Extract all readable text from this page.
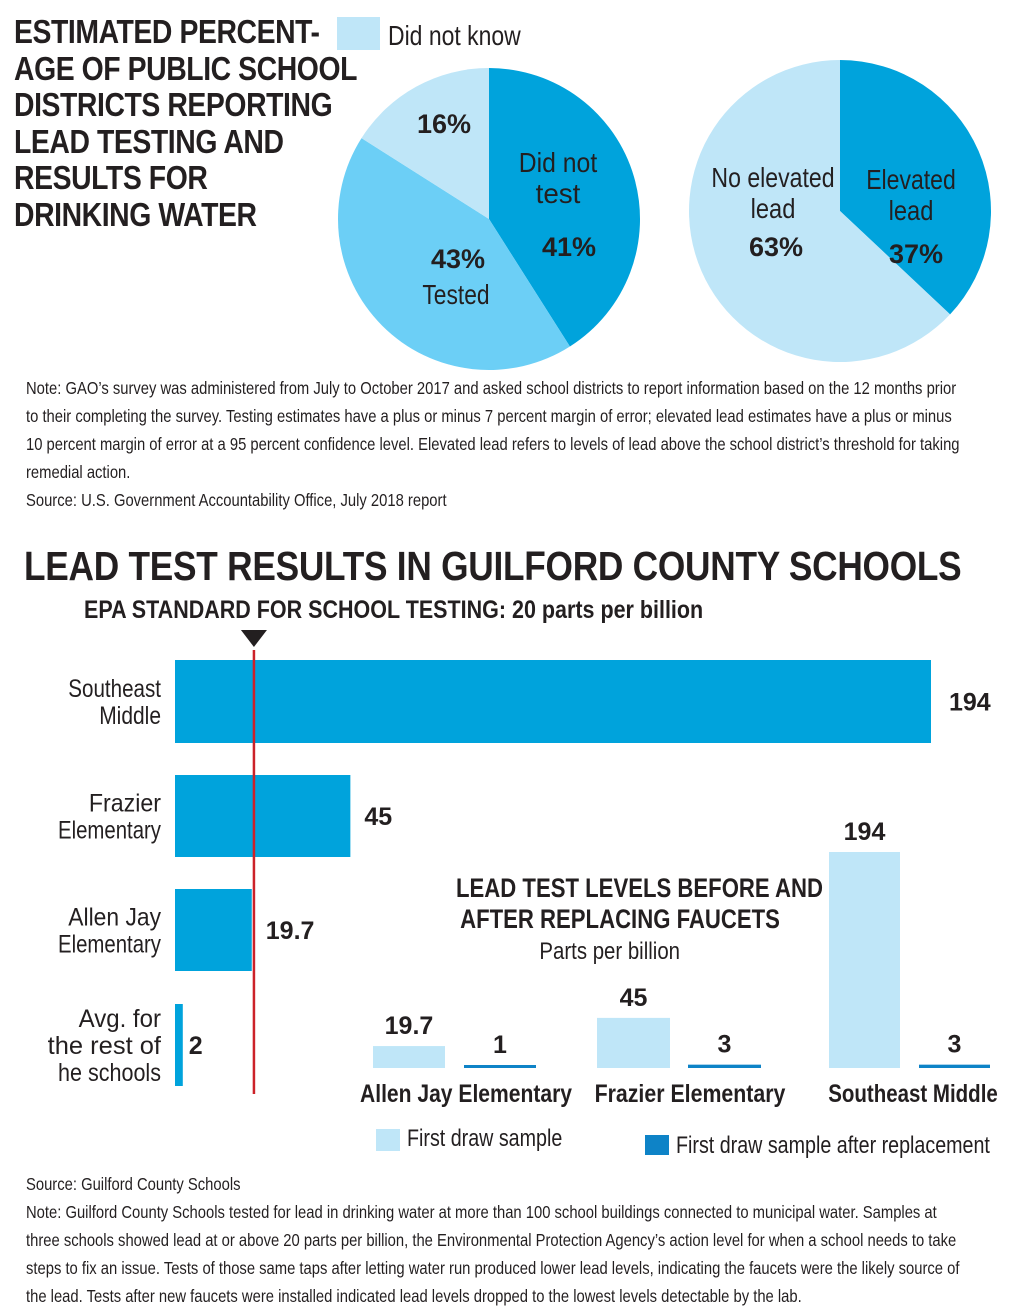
ESTIMATED PERCENT-
AGE OF PUBLIC SCHOOL
DISTRICTS REPORTING
LEAD TESTING AND
RESULTS FOR
DRINKING WATER
Did not know
Did not
test
41%
Tested
43%
16%
Elevated
lead
37%
No elevated
lead
63%
Note: GAO’s survey was administered from July to October 2017 and asked school districts to report information based on the 12 months prior
to their completing the survey. Testing estimates have a plus or minus 7 percent margin of error; elevated lead estimates have a plus or minus
10 percent margin of error at a 95 percent confidence level. Elevated lead refers to levels of lead above the school district’s threshold for taking
remedial action.
Source: U.S. Government Accountability Office, July 2018 report
LEAD TEST RESULTS IN GUILFORD COUNTY SCHOOLS
EPA STANDARD FOR SCHOOL TESTING: 20 parts per billion
Southeast
Middle	194
Frazier
Elementary	45
Allen Jay
Elementary	19.7
Avg. for
the rest of
he schools
2
LEAD TEST LEVELS BEFORE AND
AFTER REPLACING FAUCETS
Parts per billion
19.7
1
Allen Jay Elementary
45
3
Frazier Elementary
194
3
Southeast Middle
First draw sample	First draw sample after replacement
Source: Guilford County Schools
Note: Guilford County Schools tested for lead in drinking water at more than 100 school buildings connected to municipal water. Samples at
three schools showed lead at or above 20 parts per billion, the Environmental Protection Agency’s action level for when a school needs to take
steps to fix an issue. Tests of those same taps after letting water run produced lower lead levels, indicating the faucets were the likely source of
the lead. Tests after new faucets were installed indicated lead levels dropped to the lowest levels detectable by the lab.
